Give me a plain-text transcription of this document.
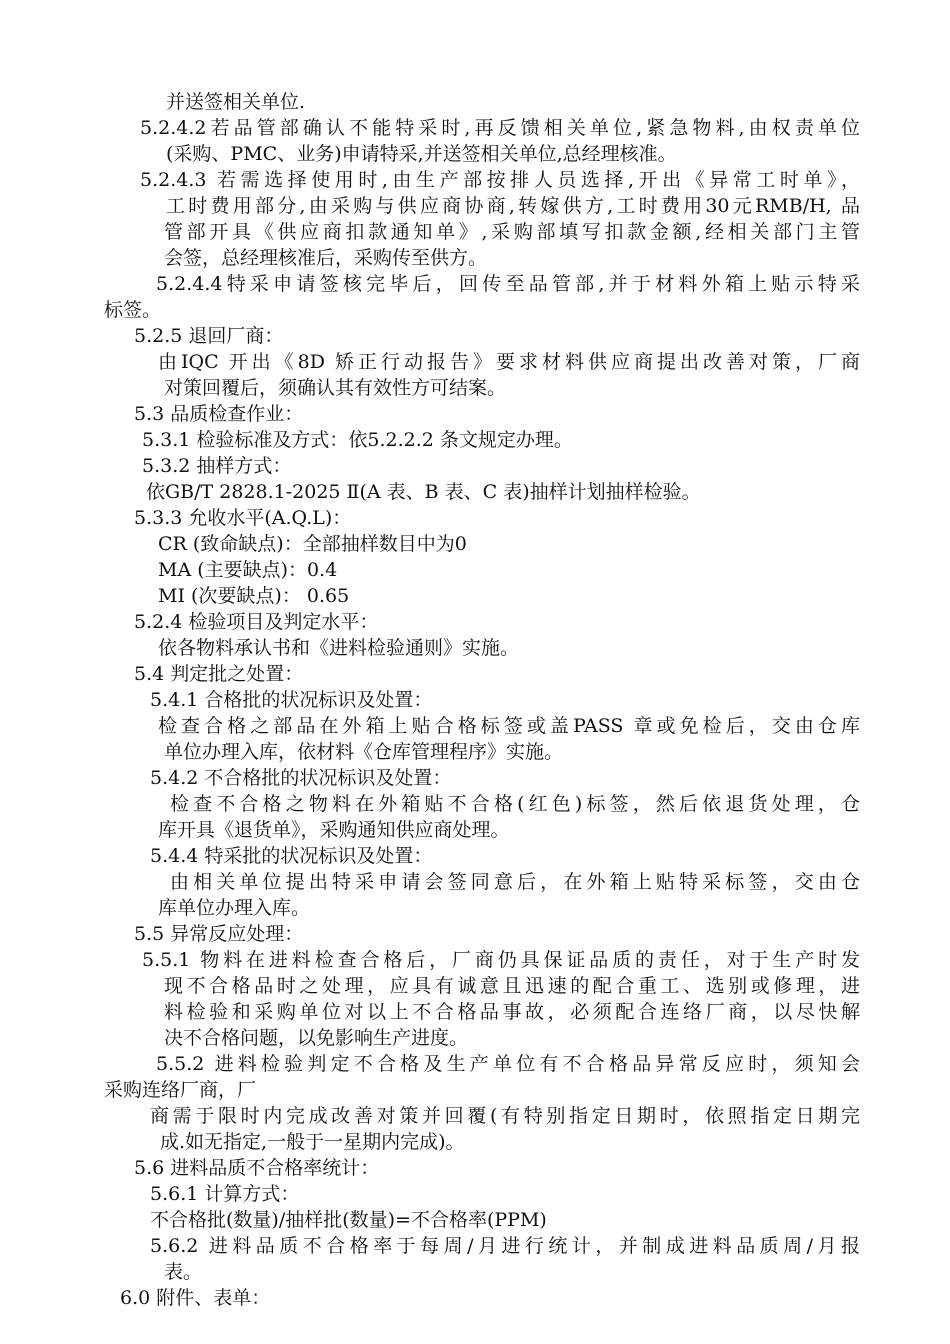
并送签相关单位.
5.2.4.2若品管部确认不能特采时,再反馈相关单位,紧急物料,由权责单位
(采购、PMC、业务)申请特采,并送签相关单位,总经理核准。
5.2.4.3 若需选择使用时,由生产部按排人员选择,开出《异常工时单》，
工时费用部分,由采购与供应商协商,转嫁供方,工时费用30元RMB/H, 品
管部开具《供应商扣款通知单》,采购部填写扣款金额,经相关部门主管
会签，总经理核准后，采购传至供方。
5.2.4.4特采申请签核完毕后，回传至品管部,并于材料外箱上贴示特采
标签。
5.2.5 退回厂商：
由IQC 开出《8D 矫正行动报告》要求材料供应商提出改善对策，厂商
对策回覆后，须确认其有效性方可结案。
5.3 品质检查作业：
5.3.1 检验标准及方式：依5.2.2.2 条文规定办理。
5.3.2 抽样方式：
依GB/T 2828.1-2025 Ⅱ(A 表、B 表、C 表)抽样计划抽样检验。
5.3.3 允收水平(A.Q.L)：
CR (致命缺点)：全部抽样数目中为0
MA (主要缺点)：0.4
MI (次要缺点)： 0.65
5.2.4 检验项目及判定水平：
依各物料承认书和《进料检验通则》实施。
5.4 判定批之处置：
5.4.1 合格批的状况标识及处置：
检查合格之部品在外箱上贴合格标签或盖PASS 章或免检后，交由仓库
单位办理入库，依材料《仓库管理程序》实施。
5.4.2 不合格批的状况标识及处置：
检查不合格之物料在外箱贴不合格(红色)标签，然后依退货处理，仓
库开具《退货单》，采购通知供应商处理。
5.4.4 特采批的状况标识及处置：
由相关单位提出特采申请会签同意后，在外箱上贴特采标签，交由仓
库单位办理入库。
5.5 异常反应处理：
5.5.1 物料在进料检查合格后，厂商仍具保证品质的责任，对于生产时发
现不合格品时之处理，应具有诚意且迅速的配合重工、选别或修理，进
料检验和采购单位对以上不合格品事故，必须配合连络厂商，以尽快解
决不合格问题，以免影响生产进度。
5.5.2 进料检验判定不合格及生产单位有不合格品异常反应时，须知会
采购连络厂商，厂
商需于限时内完成改善对策并回覆(有特别指定日期时，依照指定日期完
成.如无指定,一般于一星期内完成)。
5.6 进料品质不合格率统计：
5.6.1 计算方式：
不合格批(数量)/抽样批(数量)=不合格率(PPM)
5.6.2 进料品质不合格率于每周/月进行统计，并制成进料品质周/月报
表。
6.0 附件、表单：
